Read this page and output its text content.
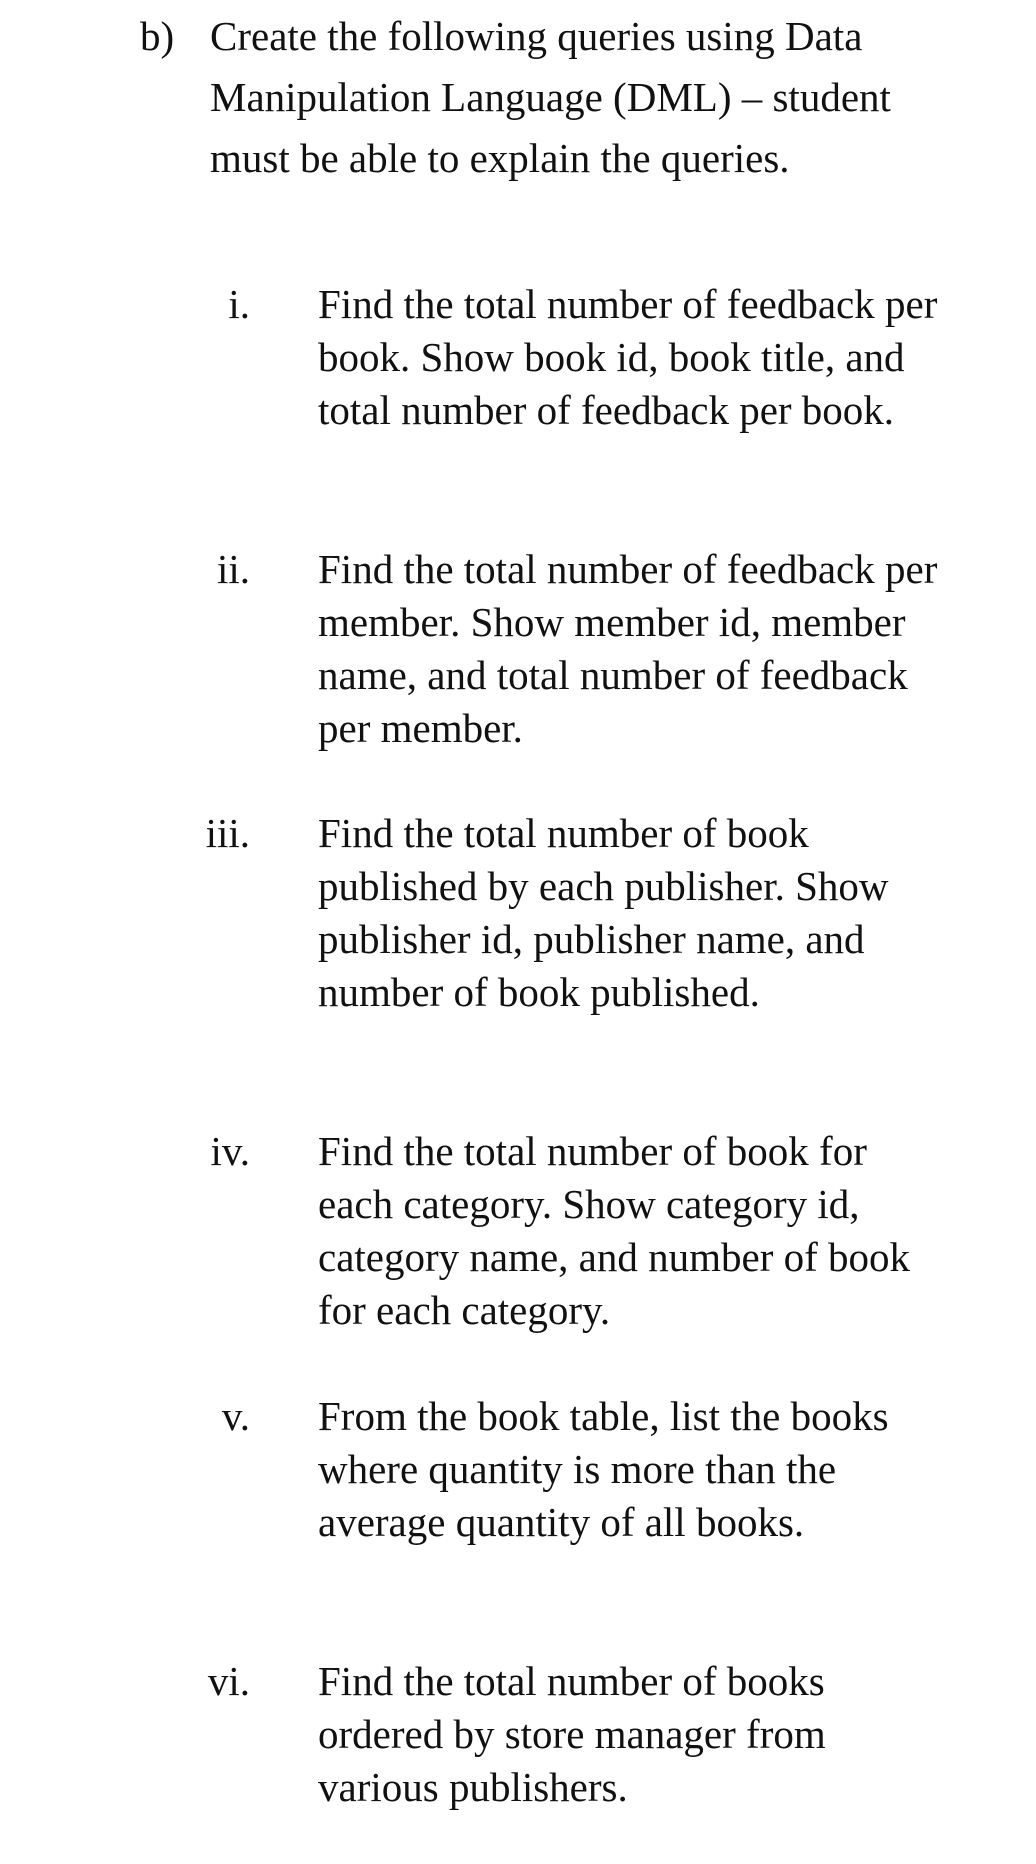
b) Create the following queries using Data Manipulation Language (DML) – student must be able to explain the queries.
i. Find the total number of feedback per book. Show book id, book title, and total number of feedback per book.
ii. Find the total number of feedback per member. Show member id, member name, and total number of feedback per member.
iii. Find the total number of book published by each publisher. Show publisher id, publisher name, and number of book published.
iv. Find the total number of book for each category. Show category id, category name, and number of book for each category.
v. From the book table, list the books where quantity is more than the average quantity of all books.
vi. Find the total number of books ordered by store manager from various publishers.
